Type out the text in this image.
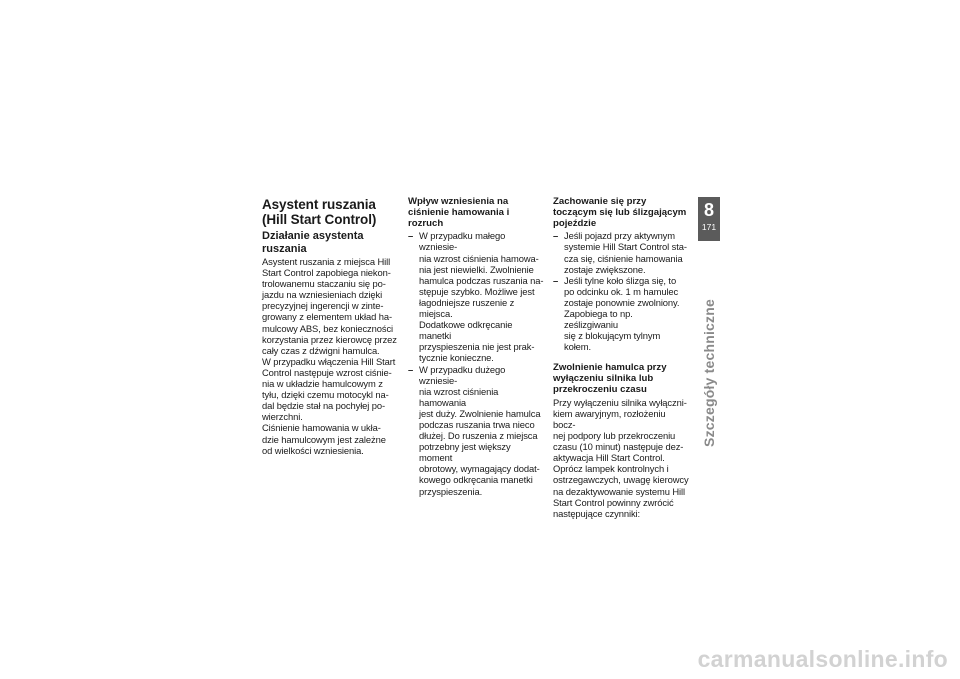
Asystent ruszania
(Hill Start Control)
Działanie asystenta
ruszania
Asystent ruszania z miejsca Hill
Start Control zapobiega niekon-
trolowanemu staczaniu się po-
jazdu na wzniesieniach dzięki
precyzyjnej ingerencji w zinte-
growany z elementem układ ha-
mulcowy ABS, bez konieczności
korzystania przez kierowcę przez
cały czas z dźwigni hamulca.
W przypadku włączenia Hill Start
Control następuje wzrost ciśnie-
nia w układzie hamulcowym z
tyłu, dzięki czemu motocykl na-
dal będzie stał na pochyłej po-
wierzchni.
Ciśnienie hamowania w ukła-
dzie hamulcowym jest zależne
od wielkości wzniesienia.
Wpływ wzniesienia na
ciśnienie hamowania i
rozruch
– W przypadku małego wzniesie-
nia wzrost ciśnienia hamowa-
nia jest niewielki. Zwolnienie
hamulca podczas ruszania na-
stępuje szybko. Możliwe jest
łagodniejsze ruszenie z miejsca.
Dodatkowe odkręcanie manetki
przyspieszenia nie jest prak-
tycznie konieczne.
– W przypadku dużego wzniesie-
nia wzrost ciśnienia hamowania
jest duży. Zwolnienie hamulca
podczas ruszania trwa nieco
dłużej. Do ruszenia z miejsca
potrzebny jest większy moment
obrotowy, wymagający dodat-
kowego odkręcania manetki
przyspieszenia.
Zachowanie się przy
toczącym się lub ślizgającym
pojeździe
– Jeśli pojazd przy aktywnym
systemie Hill Start Control sta-
cza się, ciśnienie hamowania
zostaje zwiększone.
– Jeśli tylne koło ślizga się, to
po odcinku ok. 1 m hamulec
zostaje ponownie zwolniony.
Zapobiega to np. ześlizgiwaniu
się z blokującym tylnym kołem.
Zwolnienie hamulca przy
wyłączeniu silnika lub
przekroczeniu czasu
Przy wyłączeniu silnika wyłączni-
kiem awaryjnym, rozłożeniu bocz-
nej podpory lub przekroczeniu
czasu (10 minut) następuje dez-
aktywacja Hill Start Control.
Oprócz lampek kontrolnych i
ostrzegawczych, uwagę kierowcy
na dezaktywowanie systemu Hill
Start Control powinny zwrócić
następujące czynniki:
8
171
Szczegóły techniczne
carmanualsonline.info
